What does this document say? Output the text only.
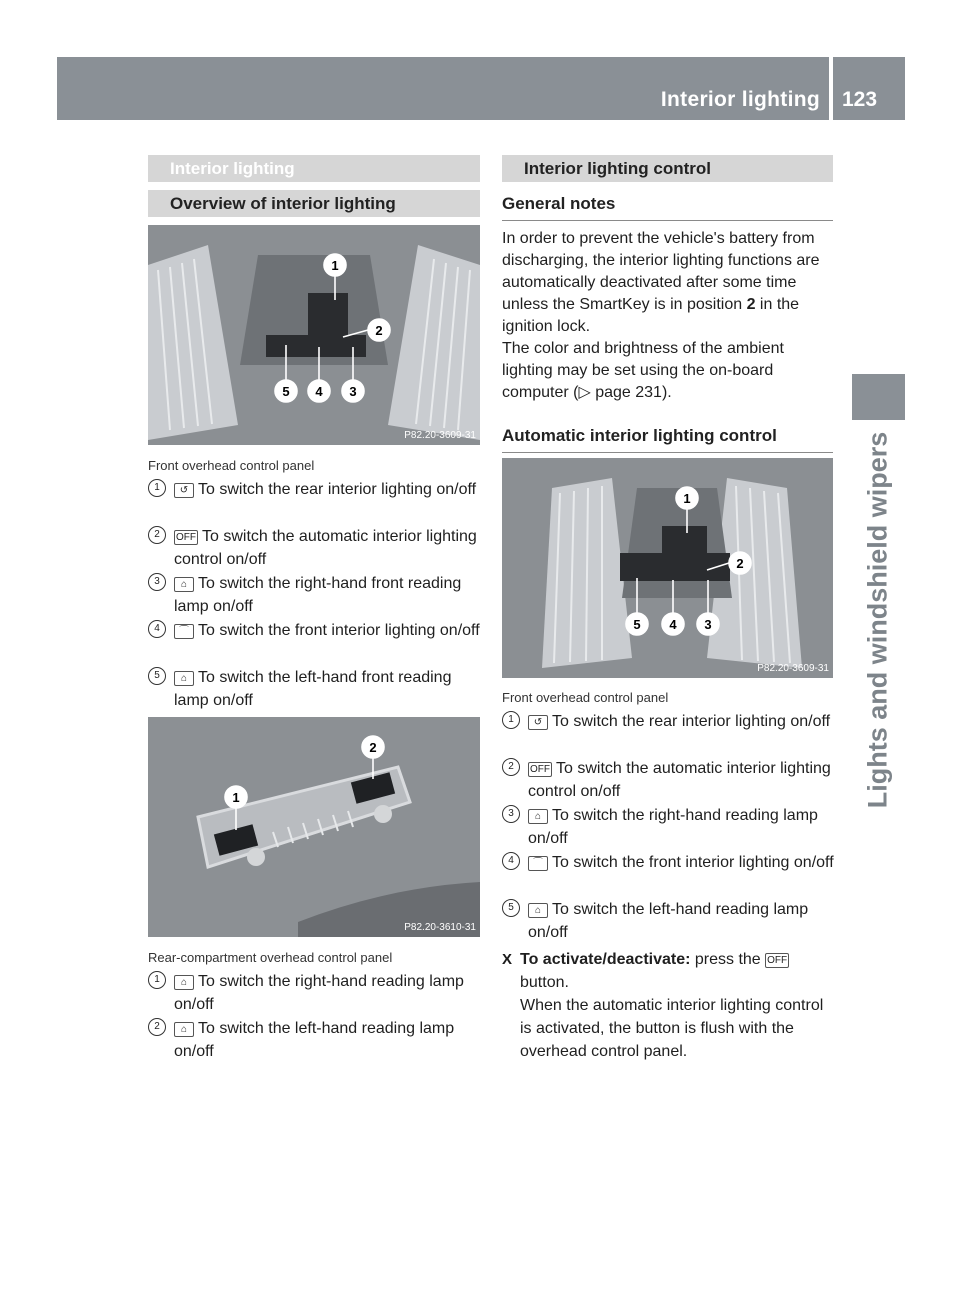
Interior lighting 123
Lights and windshield wipers
Interior lighting
Overview of interior lighting
1
2
5 4 3
P82.20-3609-31
Front overhead control panel
1	↺ To switch the rear interior lighting on/off
2	OFF To switch the automatic interior lighting control on/off
3	⌂ To switch the right-hand front reading lamp on/off
4	⌒ To switch the front interior lighting on/off
5	⌂ To switch the left-hand front reading lamp on/off
1
2
P82.20-3610-31
Rear-compartment overhead control panel
1	⌂ To switch the right-hand reading lamp on/off
2	⌂ To switch the left-hand reading lamp on/off
Interior lighting control
General notes
In order to prevent the vehicle's battery from discharging, the interior lighting functions are automatically deactivated after some time unless the SmartKey is in position 2 in the ignition lock.
The color and brightness of the ambient lighting may be set using the on-board computer (▷ page 231).
Automatic interior lighting control
1
2
5 4 3
P82.20-3609-31
Front overhead control panel
1	↺ To switch the rear interior lighting on/off
2	OFF To switch the automatic interior lighting control on/off
3	⌂ To switch the right-hand reading lamp on/off
4	⌒ To switch the front interior lighting on/off
5	⌂ To switch the left-hand reading lamp on/off
X To activate/deactivate: press the OFF button.
When the automatic interior lighting control is activated, the button is flush with the overhead control panel.
